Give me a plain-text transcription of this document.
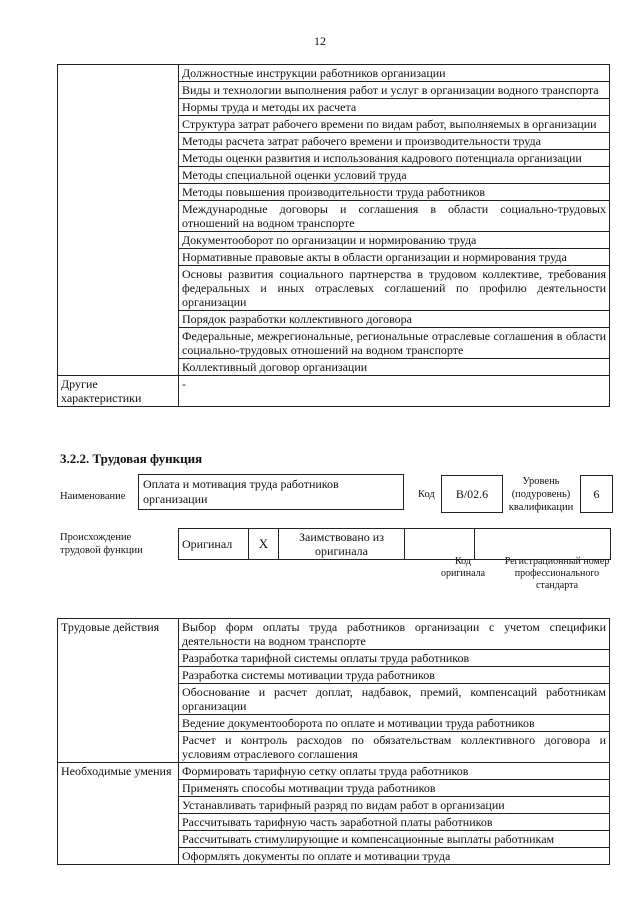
12
	Должностные инструкции работников организации
	Виды и технологии выполнения работ и услуг в организации водного транспорта
	Нормы труда и методы их расчета
	Структура затрат рабочего времени по видам работ, выполняемых в организации
	Методы расчета затрат рабочего времени и производительности труда
	Методы оценки развития и использования кадрового потенциала организации
	Методы специальной оценки условий труда
	Методы повышения производительности труда работников
	Международные договоры и соглашения в области социально-трудовых отношений на водном транспорте
	Документооборот по организации и нормированию труда
	Нормативные правовые акты в области организации и нормирования труда
	Основы развития социального партнерства в трудовом коллективе, требования федеральных и иных отраслевых соглашений по профилю деятельности организации
	Порядок разработки коллективного договора
	Федеральные, межрегиональные, региональные отраслевые соглашения в области социально-трудовых отношений на водном транспорте
	Коллективный договор организации
Другие характеристики	-
3.2.2. Трудовая функция
Наименование
Оплата и мотивация труда работников организации	Код	B/02.6
Уровень (подуровень) квалификации
6
Происхождение трудовой функции	Оригинал	X	Заимствовано из оригинала		
Код оригинала
Регистрационный номер профессионального стандарта
Трудовые действия	Выбор форм оплаты труда работников организации с учетом специфики деятельности на водном транспорте
	Разработка тарифной системы оплаты труда работников
	Разработка системы мотивации труда работников
	Обоснование и расчет доплат, надбавок, премий, компенсаций работникам организации
	Ведение документооборота по оплате и мотивации труда работников
	Расчет и контроль расходов по обязательствам коллективного договора и условиям отраслевого соглашения
Необходимые умения	Формировать тарифную сетку оплаты труда работников
	Применять способы мотивации труда работников
	Устанавливать тарифный разряд по видам работ в организации
	Рассчитывать тарифную часть заработной платы работников
	Рассчитывать стимулирующие и компенсационные выплаты работникам
	Оформлять документы по оплате и мотивации труда
